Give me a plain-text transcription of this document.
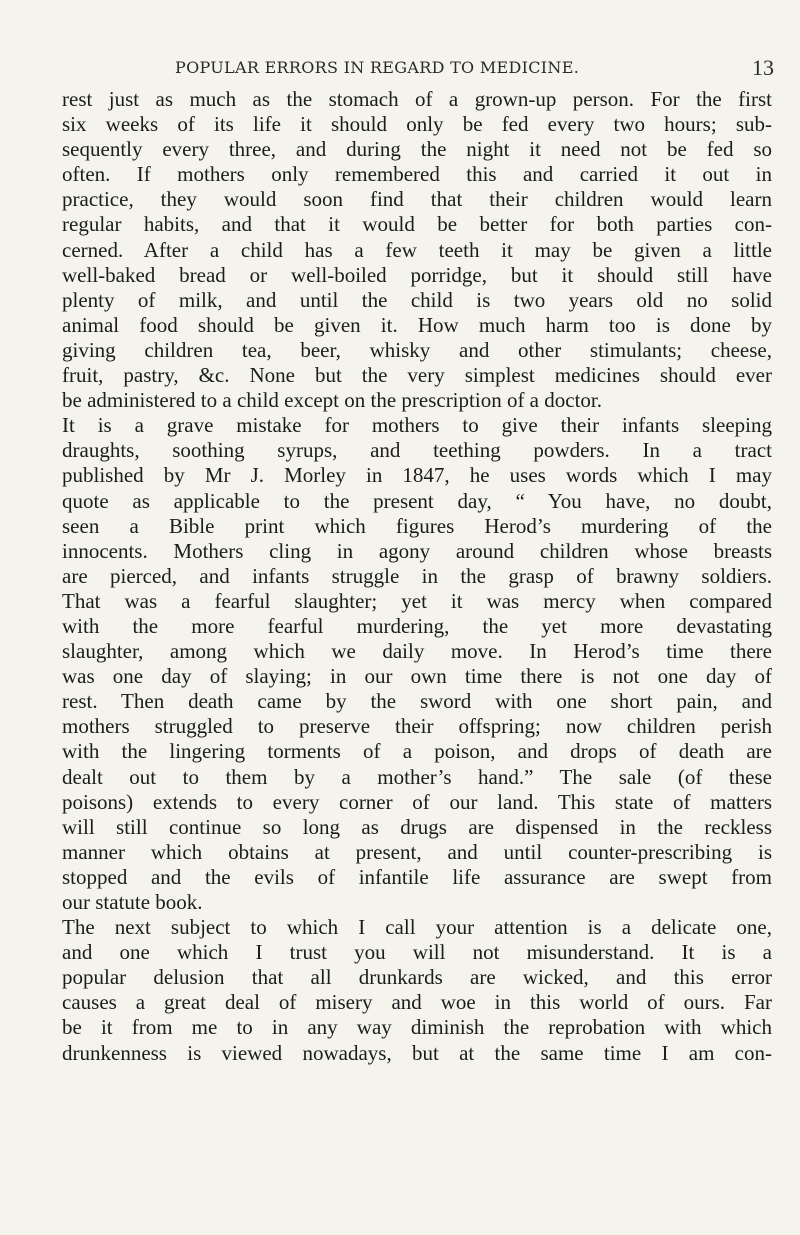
POPULAR ERRORS IN REGARD TO MEDICINE.	13
rest just as much as the stomach of a grown-up person. For the first
six weeks of its life it should only be fed every two hours; sub-
sequently every three, and during the night it need not be fed so
often. If mothers only remembered this and carried it out in
practice, they would soon find that their children would learn
regular habits, and that it would be better for both parties con-
cerned. After a child has a few teeth it may be given a little
well-baked bread or well-boiled porridge, but it should still have
plenty of milk, and until the child is two years old no solid
animal food should be given it. How much harm too is done by
giving children tea, beer, whisky and other stimulants; cheese,
fruit, pastry, &c. None but the very simplest medicines should ever
be administered to a child except on the prescription of a doctor.
It is a grave mistake for mothers to give their infants sleeping
draughts, soothing syrups, and teething powders. In a tract
published by Mr J. Morley in 1847, he uses words which I may
quote as applicable to the present day, “ You have, no doubt,
seen a Bible print which figures Herod’s murdering of the
innocents. Mothers cling in agony around children whose breasts
are pierced, and infants struggle in the grasp of brawny soldiers.
That was a fearful slaughter; yet it was mercy when compared
with the more fearful murdering, the yet more devastating
slaughter, among which we daily move. In Herod’s time there
was one day of slaying; in our own time there is not one day of
rest. Then death came by the sword with one short pain, and
mothers struggled to preserve their offspring; now children perish
with the lingering torments of a poison, and drops of death are
dealt out to them by a mother’s hand.” The sale (of these
poisons) extends to every corner of our land. This state of matters
will still continue so long as drugs are dispensed in the reckless
manner which obtains at present, and until counter-prescribing is
stopped and the evils of infantile life assurance are swept from
our statute book.
The next subject to which I call your attention is a delicate one,
and one which I trust you will not misunderstand. It is a
popular delusion that all drunkards are wicked, and this error
causes a great deal of misery and woe in this world of ours. Far
be it from me to in any way diminish the reprobation with which
drunkenness is viewed nowadays, but at the same time I am con-
